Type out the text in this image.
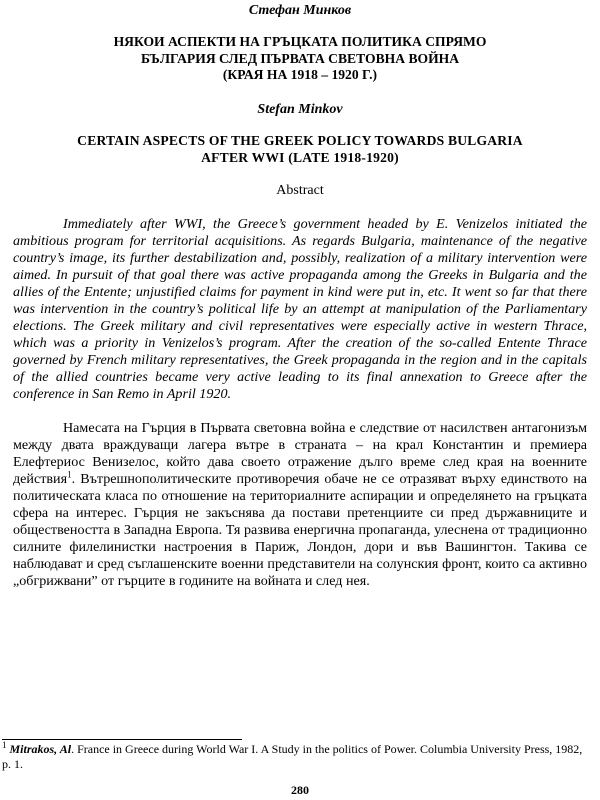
Стефан Минков

НЯКОИ АСПЕКТИ НА ГРЪЦКАТА ПОЛИТИКА СПРЯМО
БЪЛГАРИЯ СЛЕД ПЪРВАТА СВЕТОВНА ВОЙНА
(КРАЯ НА 1918 – 1920 Г.)

Stefan Minkov

CERTAIN ASPECTS OF THE GREEK POLICY TOWARDS BULGARIA
AFTER WWI (LATE 1918-1920)

Abstract

Immediately after WWI, the Greece’s government headed by E. Venizelos initiated the ambitious program for territorial acquisitions. As regards Bulgaria, maintenance of the negative country’s image, its further destabilization and, possibly, realization of a military intervention were aimed. In pursuit of that goal there was active propaganda among the Greeks in Bulgaria and the allies of the Entente; unjustified claims for payment in kind were put in, etc. It went so far that there was intervention in the country’s political life by an attempt at manipulation of the Parliamentary elections. The Greek military and civil representatives were especially active in western Thrace, which was a priority in Venizelos’s program. After the creation of the so-called Entente Thrace governed by French military representatives, the Greek propaganda in the region and in the capitals of the allied countries became very active leading to its final annexation to Greece after the conference in San Remo in April 1920.

Намесата на Гърция в Първата световна война е следствие от насилствен антагонизъм между двата враждуващи лагера вътре в страната – на крал Константин и премиера Елефтериос Венизелос, който дава своето отражение дълго време след края на военните действия$^1$. Вътрешнополитическите противоречия обаче не се отразяват върху единството на политическата класа по отношение на териториалните аспирации и определянето на гръцката сфера на интерес. Гърция не закъснява да постави претенциите си пред държавниците и обществеността в Западна Европа. Тя развива енергична пропаганда, улеснена от традиционно силните филелинистки настроения в Париж, Лондон, дори и във Вашингтон. Такива се наблюдават и сред съглашенските военни представители на солунския фронт, които са активно „обгрижвани” от гърците в годините на войната и след нея.

$^1$ Mitrakos, Al. France in Greece during World War I. A Study in the politics of Power. Columbia University Press, 1982, p. 1.
280
